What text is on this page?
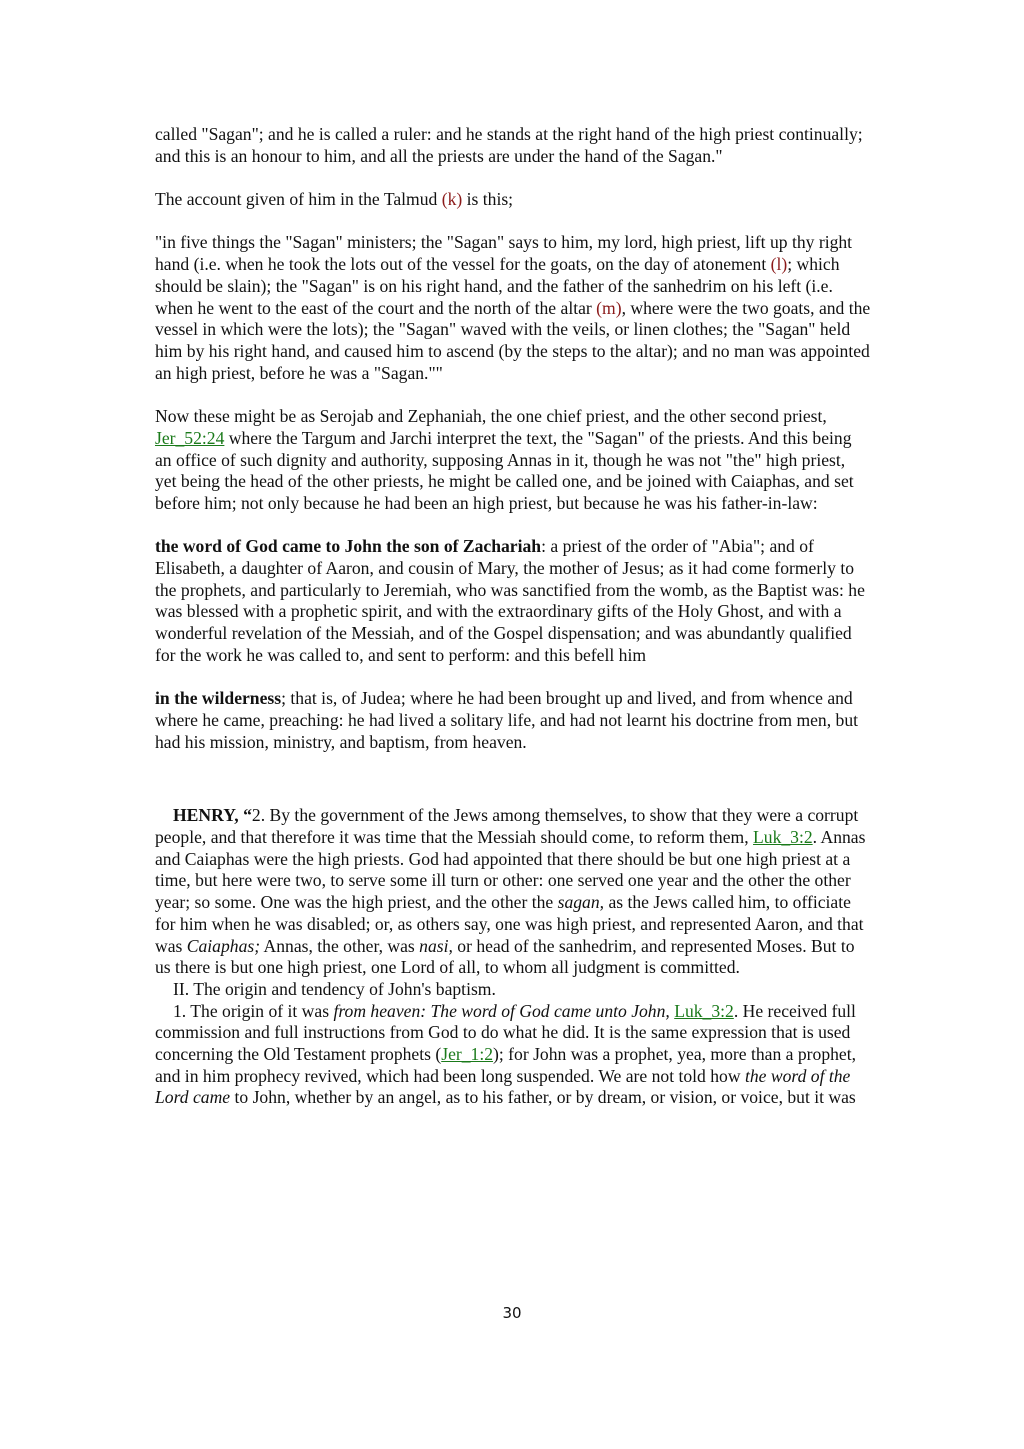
called "Sagan"; and he is called a ruler: and he stands at the right hand of the high priest continually; and this is an honour to him, and all the priests are under the hand of the Sagan."

The account given of him in the Talmud (k) is this;

"in five things the "Sagan" ministers; the "Sagan" says to him, my lord, high priest, lift up thy right hand (i.e. when he took the lots out of the vessel for the goats, on the day of atonement (l); which should be slain); the "Sagan" is on his right hand, and the father of the sanhedrim on his left (i.e. when he went to the east of the court and the north of the altar (m), where were the two goats, and the vessel in which were the lots); the "Sagan" waved with the veils, or linen clothes; the "Sagan" held him by his right hand, and caused him to ascend (by the steps to the altar); and no man was appointed an high priest, before he was a "Sagan.""

Now these might be as Serojab and Zephaniah, the one chief priest, and the other second priest, Jer_52:24 where the Targum and Jarchi interpret the text, the "Sagan" of the priests. And this being an office of such dignity and authority, supposing Annas in it, though he was not "the" high priest, yet being the head of the other priests, he might be called one, and be joined with Caiaphas, and set before him; not only because he had been an high priest, but because he was his father-in-law:

the word of God came to John the son of Zachariah: a priest of the order of "Abia"; and of Elisabeth, a daughter of Aaron, and cousin of Mary, the mother of Jesus; as it had come formerly to the prophets, and particularly to Jeremiah, who was sanctified from the womb, as the Baptist was: he was blessed with a prophetic spirit, and with the extraordinary gifts of the Holy Ghost, and with a wonderful revelation of the Messiah, and of the Gospel dispensation; and was abundantly qualified for the work he was called to, and sent to perform: and this befell him

in the wilderness; that is, of Judea; where he had been brought up and lived, and from whence and where he came, preaching: he had lived a solitary life, and had not learnt his doctrine from men, but had his mission, ministry, and baptism, from heaven.

HENRY, “2. By the government of the Jews among themselves, to show that they were a corrupt people, and that therefore it was time that the Messiah should come, to reform them, Luk_3:2. Annas and Caiaphas were the high priests. God had appointed that there should be but one high priest at a time, but here were two, to serve some ill turn or other: one served one year and the other the other year; so some. One was the high priest, and the other the sagan, as the Jews called him, to officiate for him when he was disabled; or, as others say, one was high priest, and represented Aaron, and that was Caiaphas; Annas, the other, was nasi, or head of the sanhedrim, and represented Moses. But to us there is but one high priest, one Lord of all, to whom all judgment is committed.

II. The origin and tendency of John's baptism.

1. The origin of it was from heaven: The word of God came unto John, Luk_3:2. He received full commission and full instructions from God to do what he did. It is the same expression that is used concerning the Old Testament prophets (Jer_1:2); for John was a prophet, yea, more than a prophet, and in him prophecy revived, which had been long suspended. We are not told how the word of the Lord came to John, whether by an angel, as to his father, or by dream, or vision, or voice, but it was

30
